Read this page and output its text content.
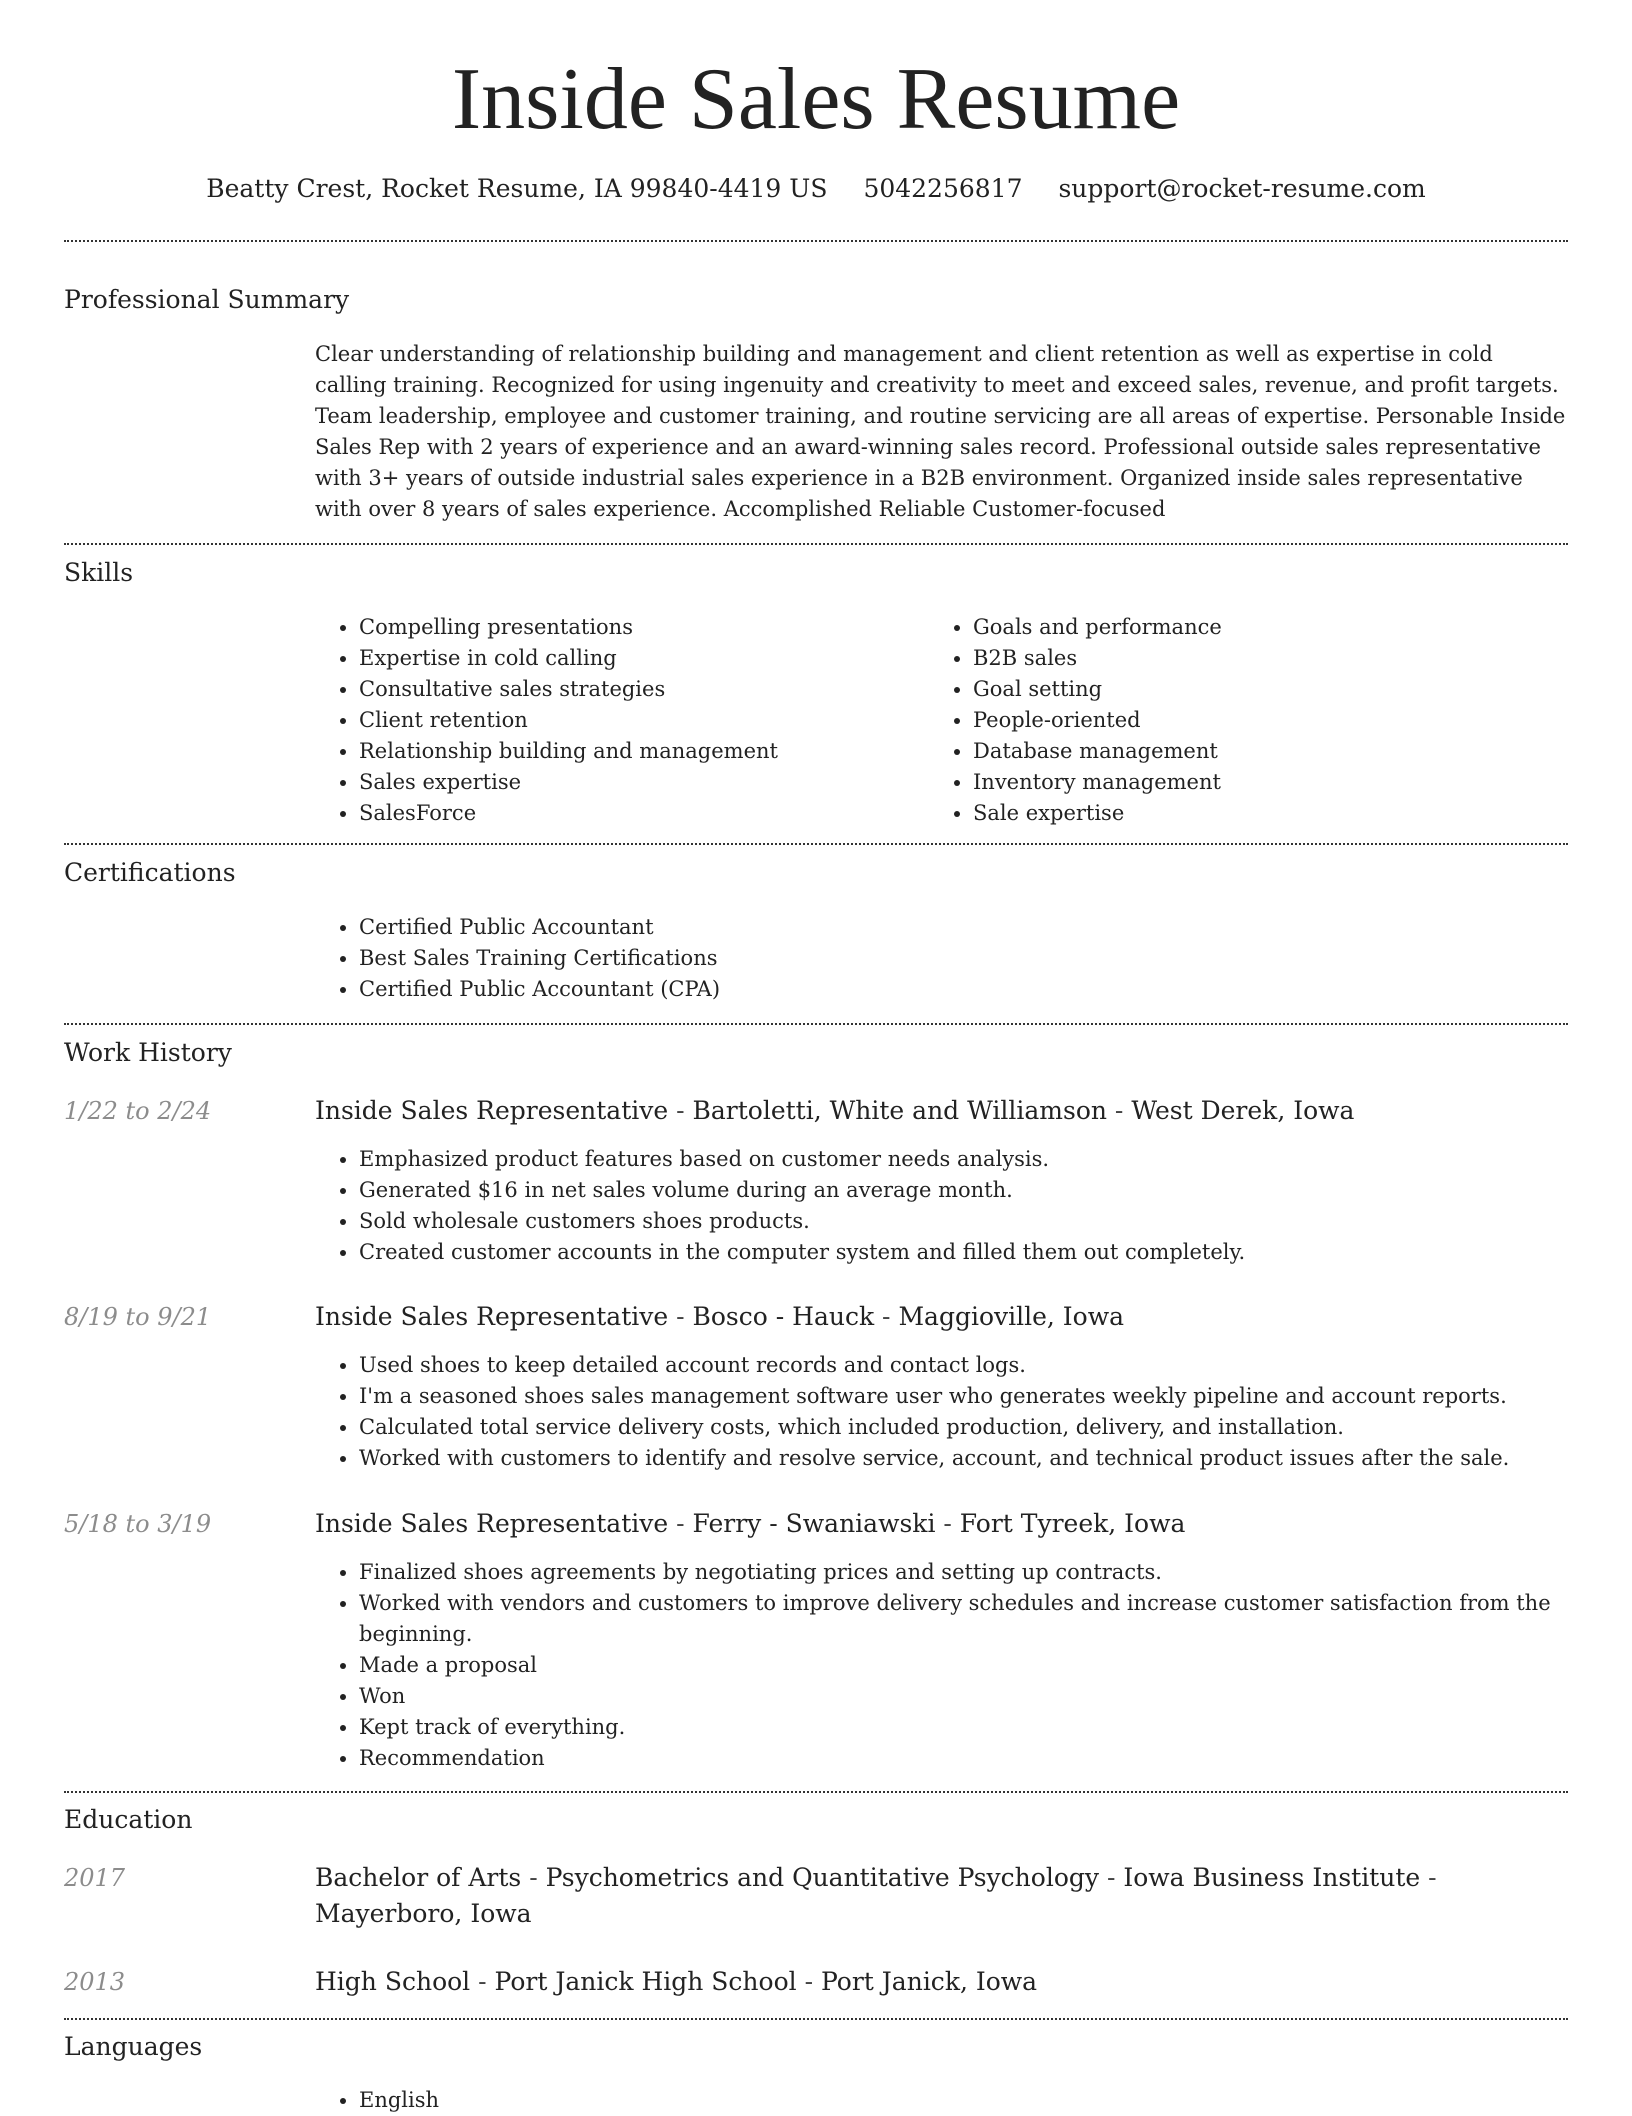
Inside Sales Resume
Beatty Crest, Rocket Resume, IA 99840-4419 US 5042256817 support@rocket-resume.com
Professional Summary

Clear understanding of relationship building and management and client retention as well as expertise in cold calling training. Recognized for using ingenuity and creativity to meet and exceed sales, revenue, and profit targets. Team leadership, employee and customer training, and routine servicing are all areas of expertise. Personable Inside Sales Rep with 2 years of experience and an award-winning sales record. Professional outside sales representative with 3+ years of outside industrial sales experience in a B2B environment. Organized inside sales representative with over 8 years of sales experience. Accomplished Reliable Customer-focused

Skills
• Compelling presentations
• Expertise in cold calling
• Consultative sales strategies
• Client retention
• Relationship building and management
• Sales expertise
• SalesForce
• Goals and performance
• B2B sales
• Goal setting
• People-oriented
• Database management
• Inventory management
• Sale expertise
Certifications
• Certified Public Accountant
• Best Sales Training Certifications
• Certified Public Accountant (CPA)
Work History
1/22 to 2/24	Inside Sales Representative - Bartoletti, White and Williamson - West Derek, Iowa
• Emphasized product features based on customer needs analysis.
• Generated $16 in net sales volume during an average month.
• Sold wholesale customers shoes products.
• Created customer accounts in the computer system and filled them out completely.
8/19 to 9/21	Inside Sales Representative - Bosco - Hauck - Maggioville, Iowa
• Used shoes to keep detailed account records and contact logs.
• I'm a seasoned shoes sales management software user who generates weekly pipeline and account reports.
• Calculated total service delivery costs, which included production, delivery, and installation.
• Worked with customers to identify and resolve service, account, and technical product issues after the sale.
5/18 to 3/19	Inside Sales Representative - Ferry - Swaniawski - Fort Tyreek, Iowa
• Finalized shoes agreements by negotiating prices and setting up contracts.
• Worked with vendors and customers to improve delivery schedules and increase customer satisfaction from the beginning.
• Made a proposal
• Won
• Kept track of everything.
• Recommendation
Education
2017	Bachelor of Arts - Psychometrics and Quantitative Psychology - Iowa Business Institute - Mayerboro, Iowa
2013	High School - Port Janick High School - Port Janick, Iowa
Languages
• English
